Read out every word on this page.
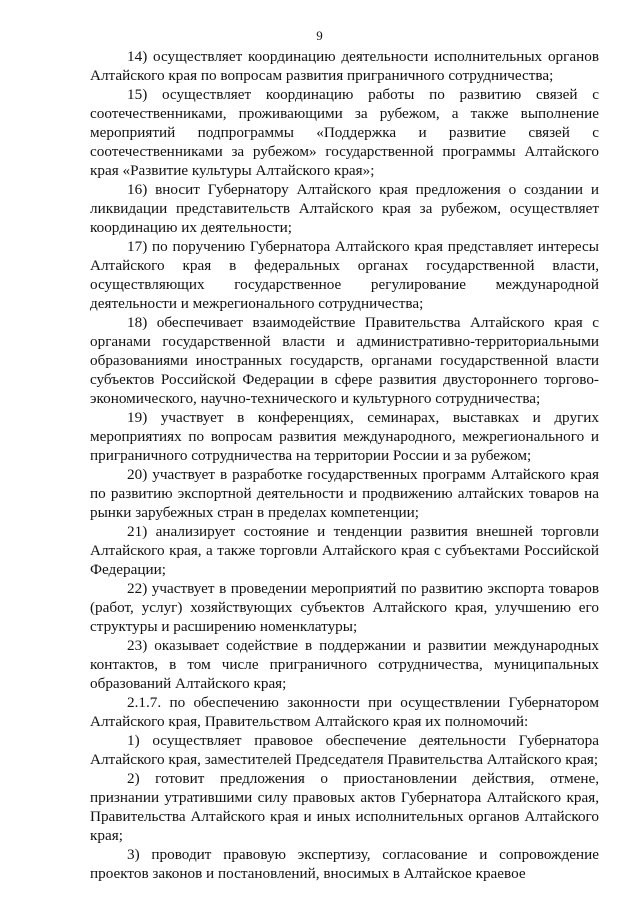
9

14) осуществляет координацию деятельности исполнительных органов Алтайского края по вопросам развития приграничного сотрудничества;

15) осуществляет координацию работы по развитию связей с соотечественниками, проживающими за рубежом, а также выполнение мероприятий подпрограммы «Поддержка и развитие связей с соотечественниками за рубежом» государственной программы Алтайского края «Развитие культуры Алтайского края»;

16) вносит Губернатору Алтайского края предложения о создании и ликвидации представительств Алтайского края за рубежом, осуществляет координацию их деятельности;

17) по поручению Губернатора Алтайского края представляет интересы Алтайского края в федеральных органах государственной власти, осуществляющих государственное регулирование международной деятельности и межрегионального сотрудничества;

18) обеспечивает взаимодействие Правительства Алтайского края с органами государственной власти и административно-территориальными образованиями иностранных государств, органами государственной власти субъектов Российской Федерации в сфере развития двустороннего торгово-экономического, научно-технического и культурного сотрудничества;

19) участвует в конференциях, семинарах, выставках и других мероприятиях по вопросам развития международного, межрегионального и приграничного сотрудничества на территории России и за рубежом;

20) участвует в разработке государственных программ Алтайского края по развитию экспортной деятельности и продвижению алтайских товаров на рынки зарубежных стран в пределах компетенции;

21) анализирует состояние и тенденции развития внешней торговли Алтайского края, а также торговли Алтайского края с субъектами Российской Федерации;

22) участвует в проведении мероприятий по развитию экспорта товаров (работ, услуг) хозяйствующих субъектов Алтайского края, улучшению его структуры и расширению номенклатуры;

23) оказывает содействие в поддержании и развитии международных контактов, в том числе приграничного сотрудничества, муниципальных образований Алтайского края;

2.1.7. по обеспечению законности при осуществлении Губернатором Алтайского края, Правительством Алтайского края их полномочий:

1) осуществляет правовое обеспечение деятельности Губернатора Алтайского края, заместителей Председателя Правительства Алтайского края;

2) готовит предложения о приостановлении действия, отмене, признании утратившими силу правовых актов Губернатора Алтайского края, Правительства Алтайского края и иных исполнительных органов Алтайского края;

3) проводит правовую экспертизу, согласование и сопровождение проектов законов и постановлений, вносимых в Алтайское краевое
